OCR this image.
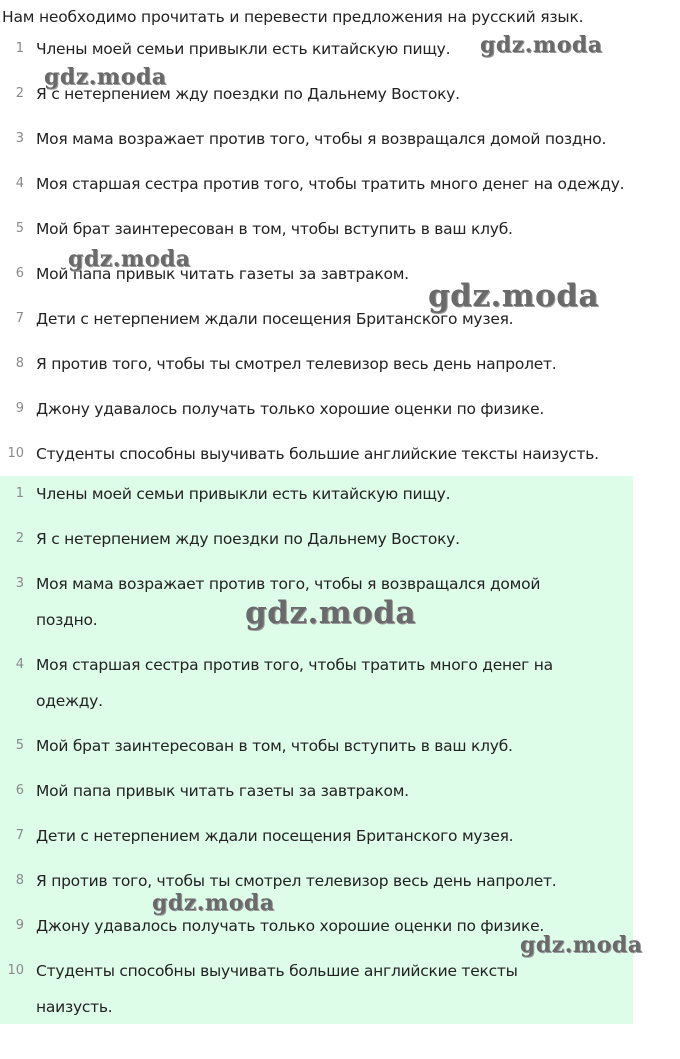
Нам необходимо прочитать и перевести предложения на русский язык.
1 Члены моей семьи привыкли есть китайскую пищу.
2 Я с нетерпением жду поездки по Дальнему Востоку.
3 Моя мама возражает против того, чтобы я возвращался домой поздно.
4 Моя старшая сестра против того, чтобы тратить много денег на одежду.
5 Мой брат заинтересован в том, чтобы вступить в ваш клуб.
6 Мой папа привык читать газеты за завтраком.
7 Дети с нетерпением ждали посещения Британского музея.
8 Я против того, чтобы ты смотрел телевизор весь день напролет.
9 Джону удавалось получать только хорошие оценки по физике.
10 Студенты способны выучивать большие английские тексты наизусть.
1 Члены моей семьи привыкли есть китайскую пищу.
2 Я с нетерпением жду поездки по Дальнему Востоку.
3 Моя мама возражает против того, чтобы я возвращался домой поздно.
4 Моя старшая сестра против того, чтобы тратить много денег на одежду.
5 Мой брат заинтересован в том, чтобы вступить в ваш клуб.
6 Мой папа привык читать газеты за завтраком.
7 Дети с нетерпением ждали посещения Британского музея.
8 Я против того, чтобы ты смотрел телевизор весь день напролет.
9 Джону удавалось получать только хорошие оценки по физике.
10 Студенты способны выучивать большие английские тексты наизусть.
gdz.moda
gdz.moda
gdz.moda
gdz.moda
gdz.moda
gdz.moda
gdz.moda
